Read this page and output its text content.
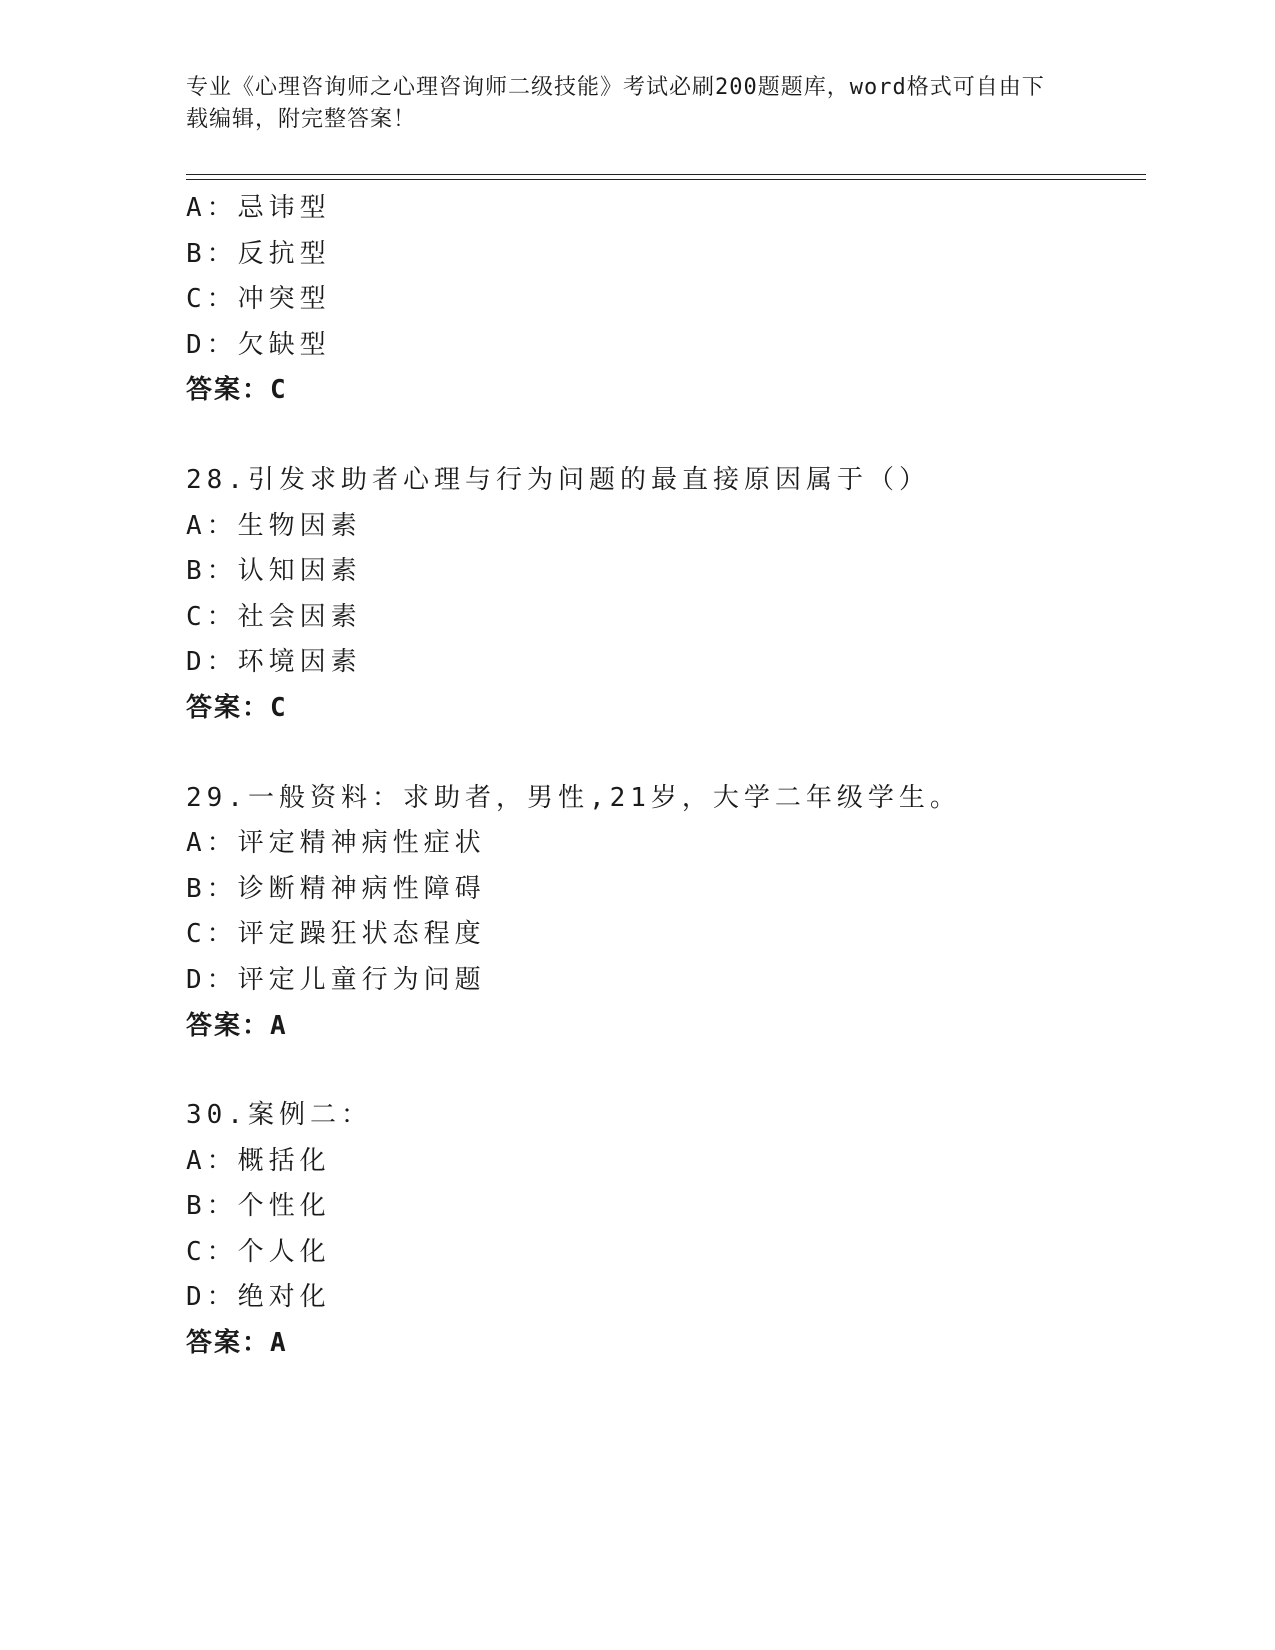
专业《心理咨询师之心理咨询师二级技能》考试必刷200题题库，word格式可自由下载编辑，附完整答案！
A：忌讳型
B：反抗型
C：冲突型
D：欠缺型
答案：C
28.引发求助者心理与行为问题的最直接原因属于（）
A：生物因素
B：认知因素
C：社会因素
D：环境因素
答案：C
29.一般资料：求助者，男性,21岁，大学二年级学生。
A：评定精神病性症状
B：诊断精神病性障碍
C：评定躁狂状态程度
D：评定儿童行为问题
答案：A
30.案例二：
A：概括化
B：个性化
C：个人化
D：绝对化
答案：A
